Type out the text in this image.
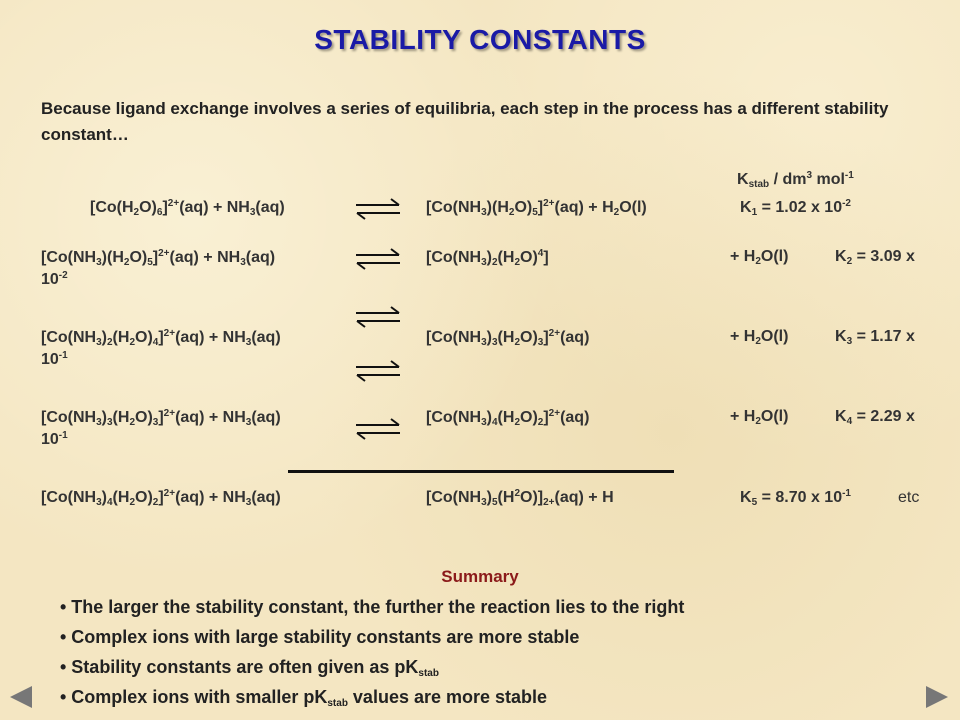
STABILITY CONSTANTS
Because ligand exchange involves a series of equilibria, each step in the process has a different stability constant…
$K_{stab} / dm^3$ mol$^{-1}$
$[Co(H_2O)_6]^{2+}(aq) + NH_3(aq)$	$[Co(NH_3)(H_2O)_5]^{2+}(aq) + H_2O(l)$	$K_1 = 1.02$ x $10^{-2}$
$[Co(NH_3)(H_2O)_5]^{2+}(aq) + NH_3(aq)$	$[Co(NH_3)_2(H_2O)^4]$	+ $H_2O(l)$	$K_2 = 3.09$ x
$10^{-2}$
$[Co(NH_3)_2(H_2O)_4]^{2+}(aq) + NH_3(aq)$	$[Co(NH_3)_3(H_2O)_3]^{2+}(aq)$	+ $H_2O(l)$	$K_3 = 1.17$ x
$10^{-1}$
$[Co(NH_3)_3(H_2O)_3]^{2+}(aq) + NH_3(aq)$	$[Co(NH_3)_4(H_2O)_2]^{2+}(aq)$	+ $H_2O(l)$	$K_4 = 2.29$ x
$10^{-1}$
$[Co(NH_3)_4(H_2O)_2]^{2+}(aq) + NH_3(aq)$	$[Co(NH_3)_5(H^2O)]_{2+}(aq) + H$	$K_5 = 8.70$ x $10^{-1}$	etc
Summary
• The larger the stability constant, the further the reaction lies to the right
• Complex ions with large stability constants are more stable
• Stability constants are often given as $pK_{stab}$
• Complex ions with smaller $pK_{stab}$ values are more stable
